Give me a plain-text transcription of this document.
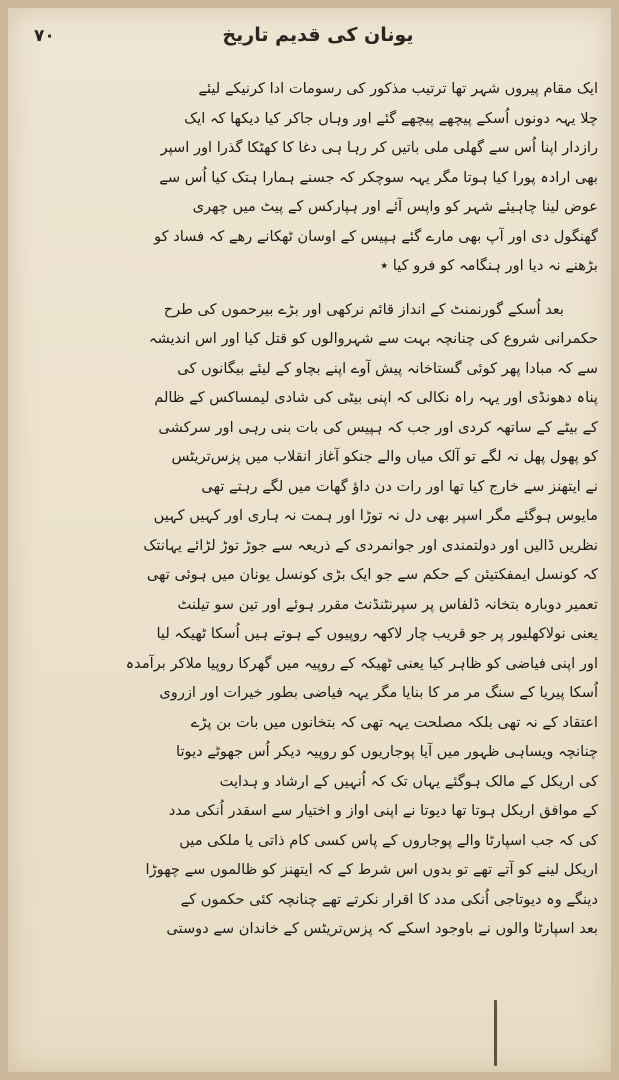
۷۰	یونان کی قدیم تاریخ
ایک مقام پیروں شہر تھا ترتیب مذکور کی رسومات ادا کرنیکے لیئے
چلا یہہ دونوں اُسکے پیچھے پیچھے گئے اور وہاں جاکر کیا دیکھا کہ ایک
رازدار اپنا اُس سے گھلی ملی باتیں کر رہا ہی دغا کا کھٹکا گذرا اور اسپر
بھی ارادہ پورا کیا ہوتا مگر یہہ سوچکر کہ جسنے ہمارا ہتک کیا اُس سے
عوض لینا چاہیئے شہر کو واپس آئے اور ہپارکس کے پیٹ میں چھری
گھنگول دی اور آپ بھی مارے گئے ہپیس کے اوسان ٹھکانے رھے کہ فساد کو
بڑھنے نہ دیا اور ہنگامہ کو فرو کیا ٭
بعد اُسکے گورنمنٹ کے انداز قائم نرکھی اور بڑے بیرحموں کی طرح
حکمرانی شروع کی چنانچہ بہت سے شہروالوں کو قتل کیا اور اس اندیشہ
سے کہ مبادا پھر کوئی گستاخانہ پیش آوے اپنے بچاو کے لیئے بیگانوں کی
پناہ دھونڈی اور یہہ راہ نکالی کہ اپنی بیٹی کی شادی لیمساکس کے ظالم
کے بیٹے کے ساتھہ کردی اور جب کہ ہپیس کی بات بنی رہی اور سرکشی
کو پھول پھل نہ لگے تو آلک میاں والے جنکو آغاز انقلاب میں پزس‌تریٹس
نے ایتھنز سے خارج کیا تھا اور رات دن داؤ گھات میں لگے رہتے تھی
مایوس ہوگئے مگر اسپر بھی دل نہ توڑا اور ہمت نہ ہاری اور کہیں کہیں
نظریں ڈالیں اور دولتمندی اور جوانمردی کے ذریعہ سے جوڑ توڑ لڑائے یہانتک
کہ کونسل ایمفکتیئن کے حکم سے جو ایک بڑی کونسل یونان میں ہوئی تھی
تعمیر دوبارہ بتخانہ ڈلفاس پر سپرنٹنڈنٹ مقرر ہوئے اور تین سو تیلنٹ
یعنی نولاکھلیور پر جو قریب چار لاکھہ روپیوں کے ہوتے ہیں اُسکا ٹھیکہ لیا
اور اپنی فیاضی کو ظاہر کیا یعنی ٹھیکہ کے روپیہ میں گھرکا روپیا ملاکر برآمدہ
اُسکا پیریا کے سنگ مر مر کا بنایا مگر یہہ فیاضی بطور خیرات اور ازروی
اعتقاد کے نہ تھی بلکہ مصلحت یہہ تھی کہ بتخانوں میں بات بن پڑے
چنانچہ ویساہی ظہور میں آیا پوجاریوں کو روپیہ دیکر اُس جھوٹے دیوتا
کی اریکل کے مالک ہوگئے یہاں تک کہ اُنہیں کے ارشاد و ہدایت
کے موافق اریکل ہوتا تھا دیوتا نے اپنی اواز و اختیار سے اسقدر اُنکی مدد
کی کہ جب اسپارٹا والے پوجاروں کے پاس کسی کام ذاتی یا ملکی میں
اریکل لینے کو آتے تھے تو بدوں اس شرط کے کہ ایتھنز کو ظالموں سے چھوڑا
دینگے وہ دیوتاجی اُنکی مدد کا اقرار نکرتے تھے چنانچہ کئی حکموں کے
بعد اسپارٹا والوں نے باوجود اسکے کہ پزس‌تریٹس کے خاندان سے دوستی
